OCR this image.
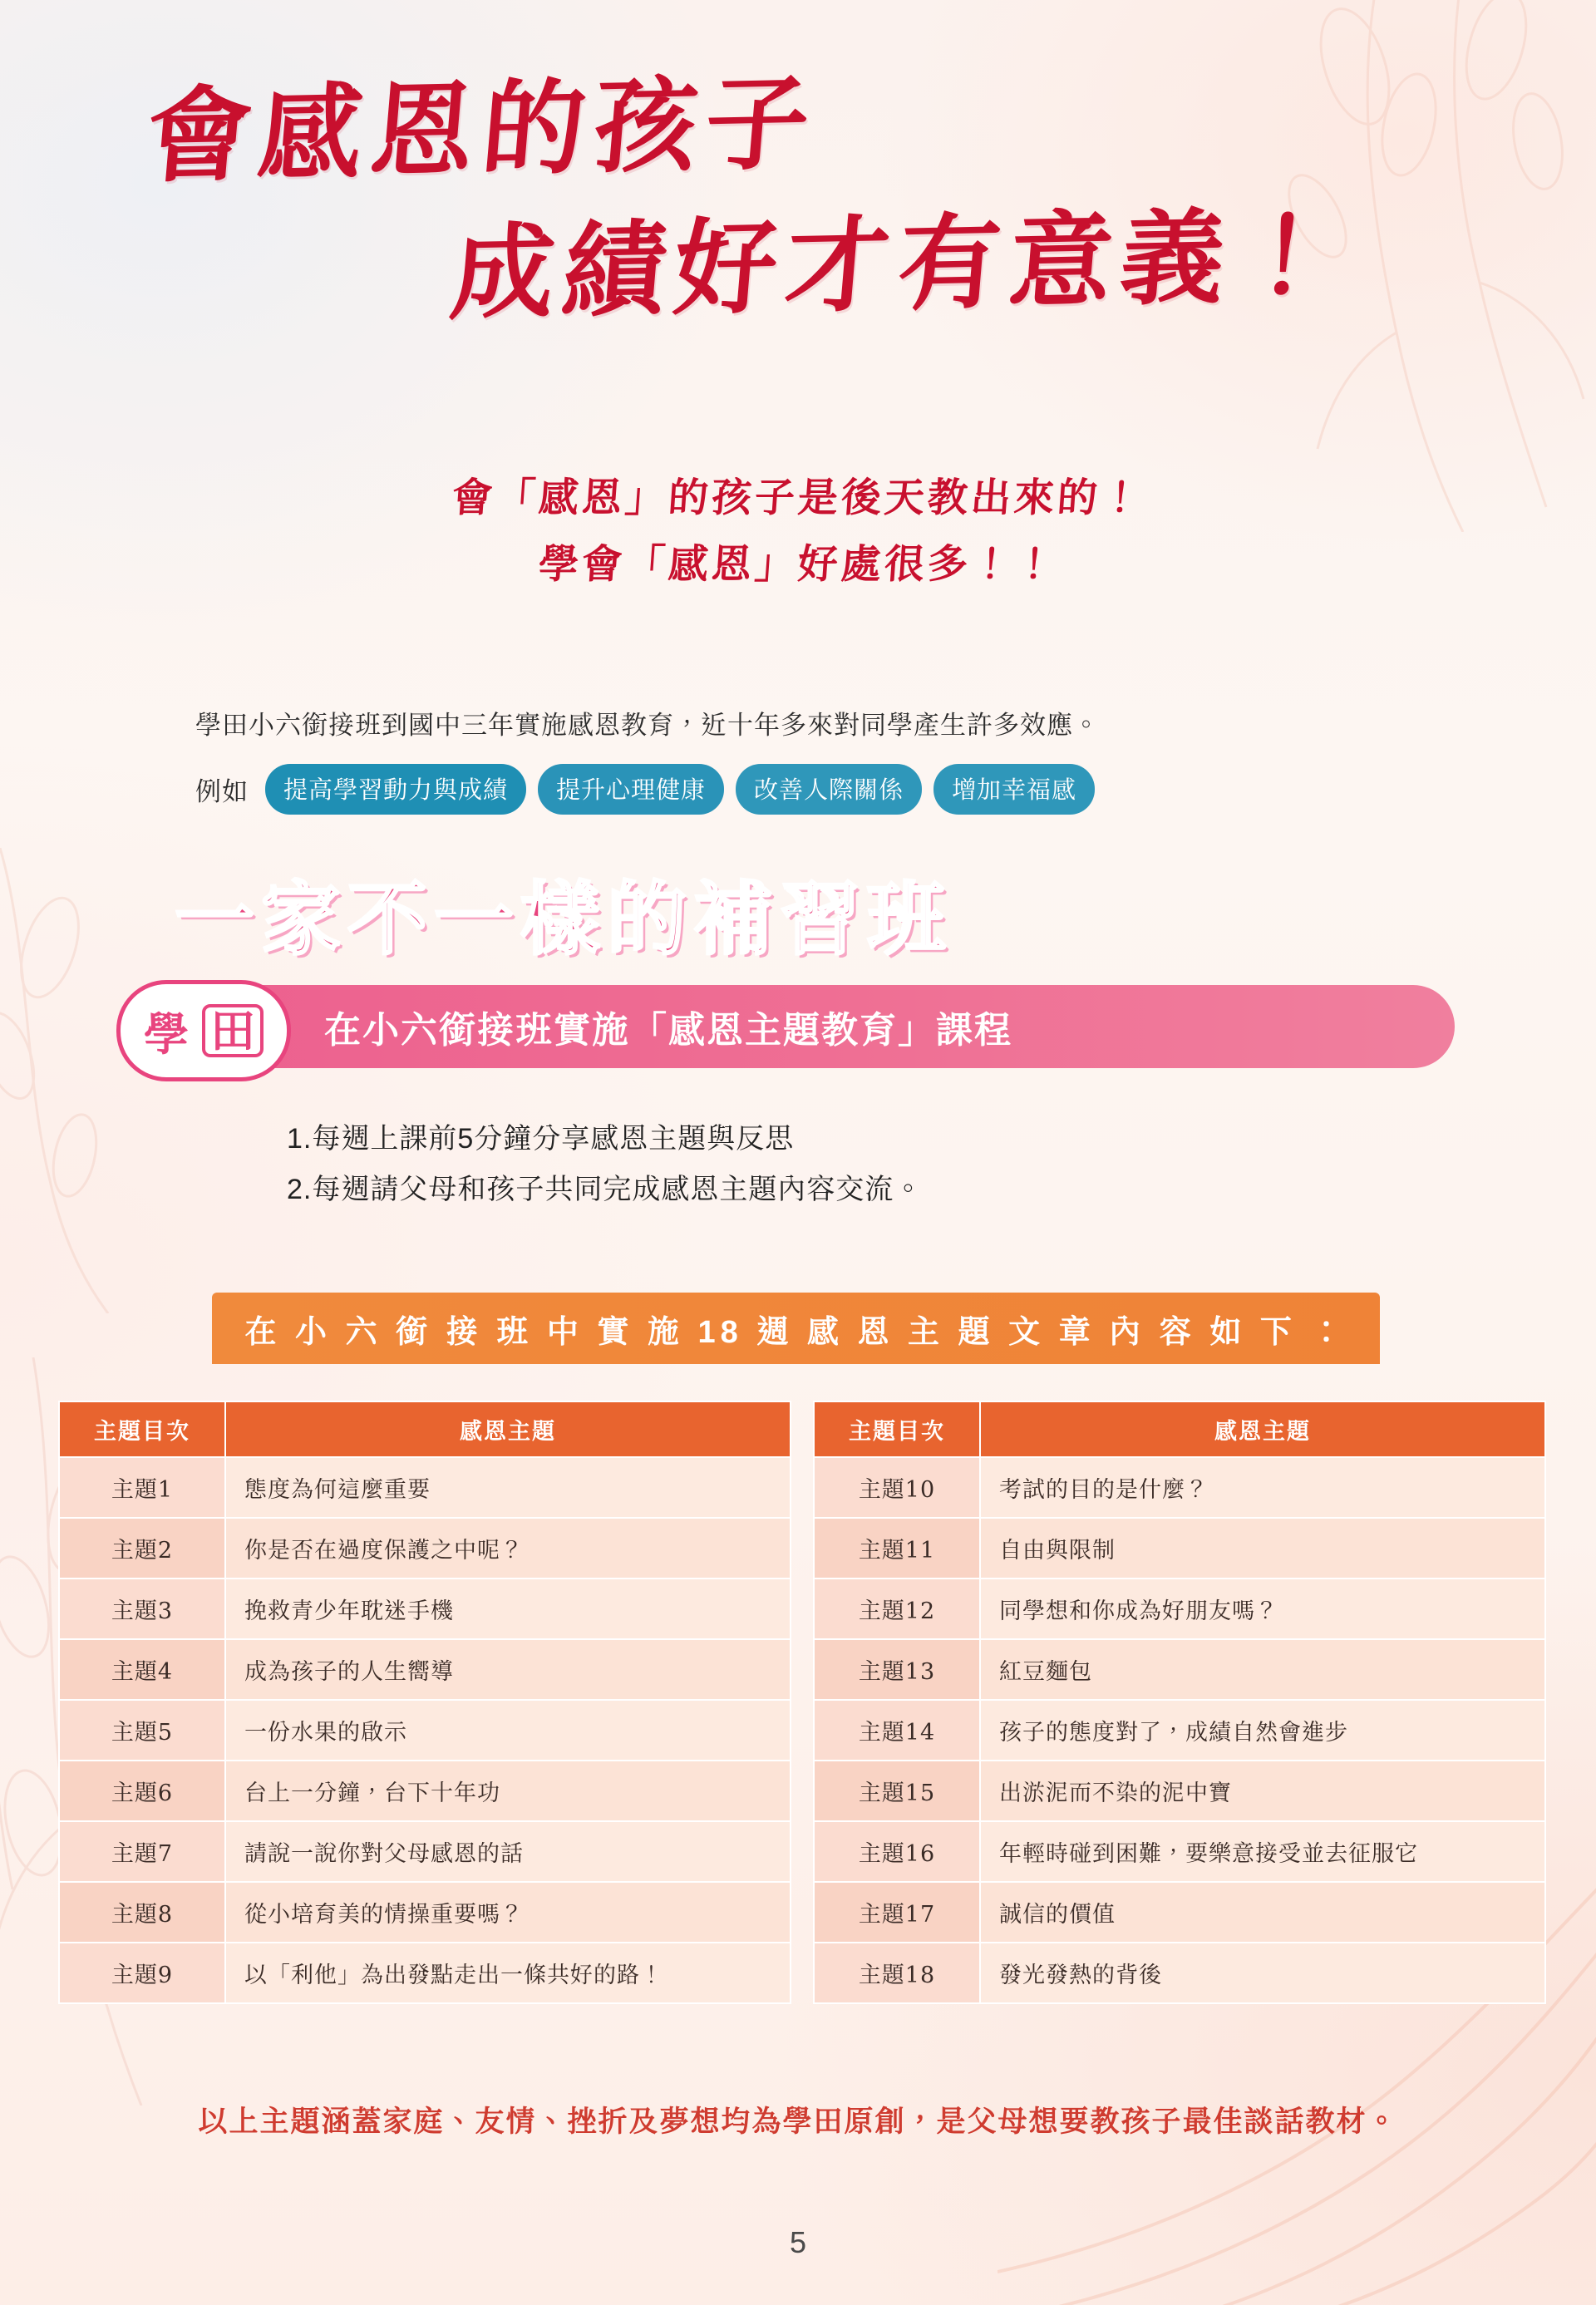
會感恩的孩子
成績好才有意義！
會「感恩」的孩子是後天教出來的！
學會「感恩」好處很多！！
學田小六銜接班到國中三年實施感恩教育，近十年多來對同學產生許多效應。
例如	提高學習動力與成績	提升心理健康	改善人際關係	增加幸福感
一家不一樣的補習班
學 田 在小六銜接班實施「感恩主題教育」課程
1.每週上課前5分鐘分享感恩主題與反思
2.每週請父母和孩子共同完成感恩主題內容交流。
在 小 六 銜 接 班 中 實 施 18 週 感 恩 主 題 文 章 內 容 如 下 ：
主題目次	感恩主題
主題1	態度為何這麼重要
主題2	你是否在過度保護之中呢？
主題3	挽救青少年耽迷手機
主題4	成為孩子的人生嚮導
主題5	一份水果的啟示
主題6	台上一分鐘，台下十年功
主題7	請說一說你對父母感恩的話
主題8	從小培育美的情操重要嗎？
主題9	以「利他」為出發點走出一條共好的路！
主題目次	感恩主題
主題10	考試的目的是什麼？
主題11	自由與限制
主題12	同學想和你成為好朋友嗎？
主題13	紅豆麵包
主題14	孩子的態度對了，成績自然會進步
主題15	出淤泥而不染的泥中寶
主題16	年輕時碰到困難，要樂意接受並去征服它
主題17	誠信的價值
主題18	發光發熱的背後
以上主題涵蓋家庭、友情、挫折及夢想均為學田原創，是父母想要教孩子最佳談話教材。
5
